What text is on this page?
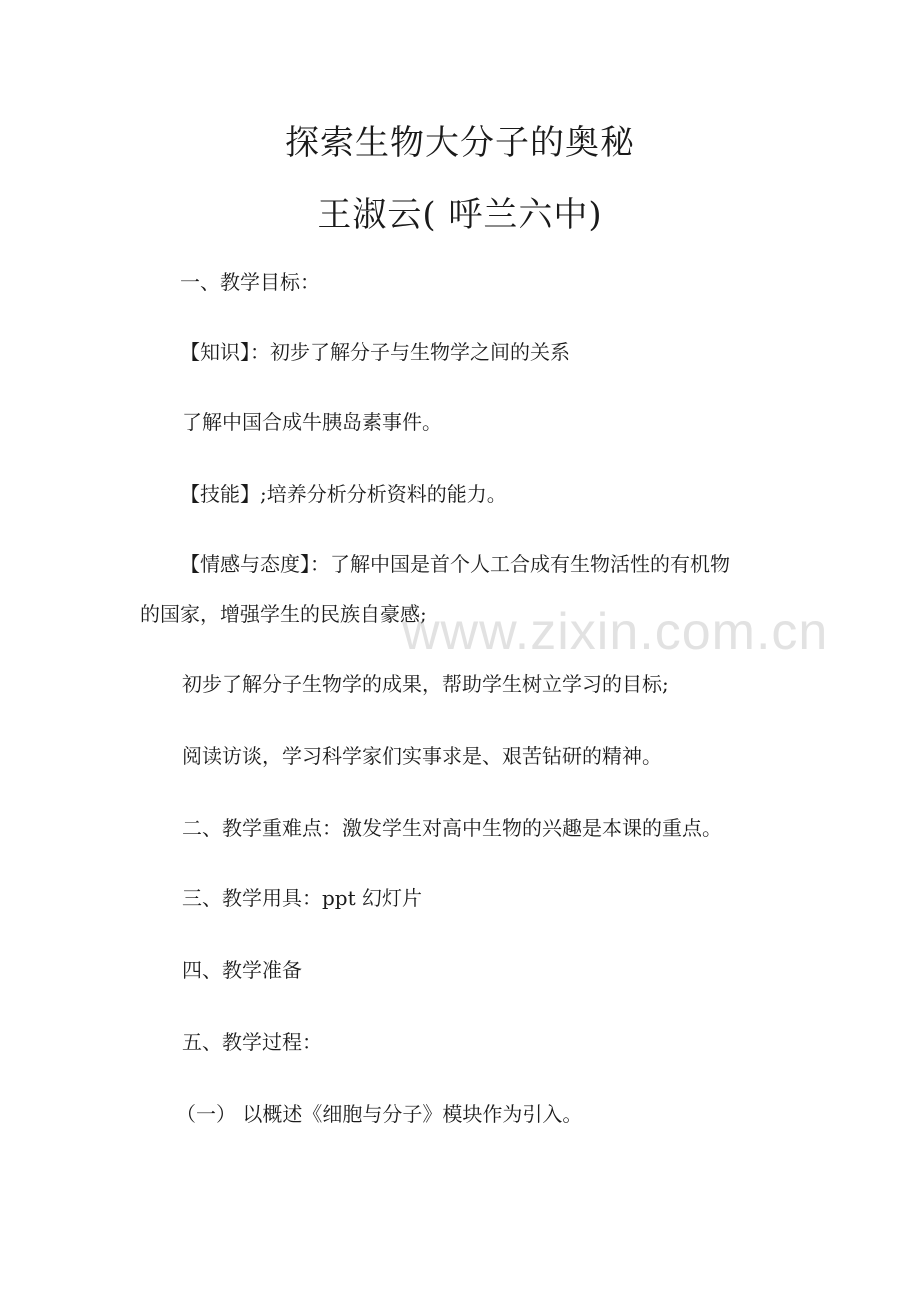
探索生物大分子的奥秘
王淑云( 呼兰六中)
一、教学目标：
【知识】：初步了解分子与生物学之间的关系
了解中国合成牛胰岛素事件。
【技能】;培养分析分析资料的能力。
【情感与态度】：了解中国是首个人工合成有生物活性的有机物
的国家，增强学生的民族自豪感;
初步了解分子生物学的成果，帮助学生树立学习的目标;
阅读访谈，学习科学家们实事求是、艰苦钻研的精神。
二、教学重难点：激发学生对高中生物的兴趣是本课的重点。
三、教学用具：ppt 幻灯片
四、教学准备
五、教学过程：
（一） 以概述《细胞与分子》模块作为引入。
www.zixin.com.cn
